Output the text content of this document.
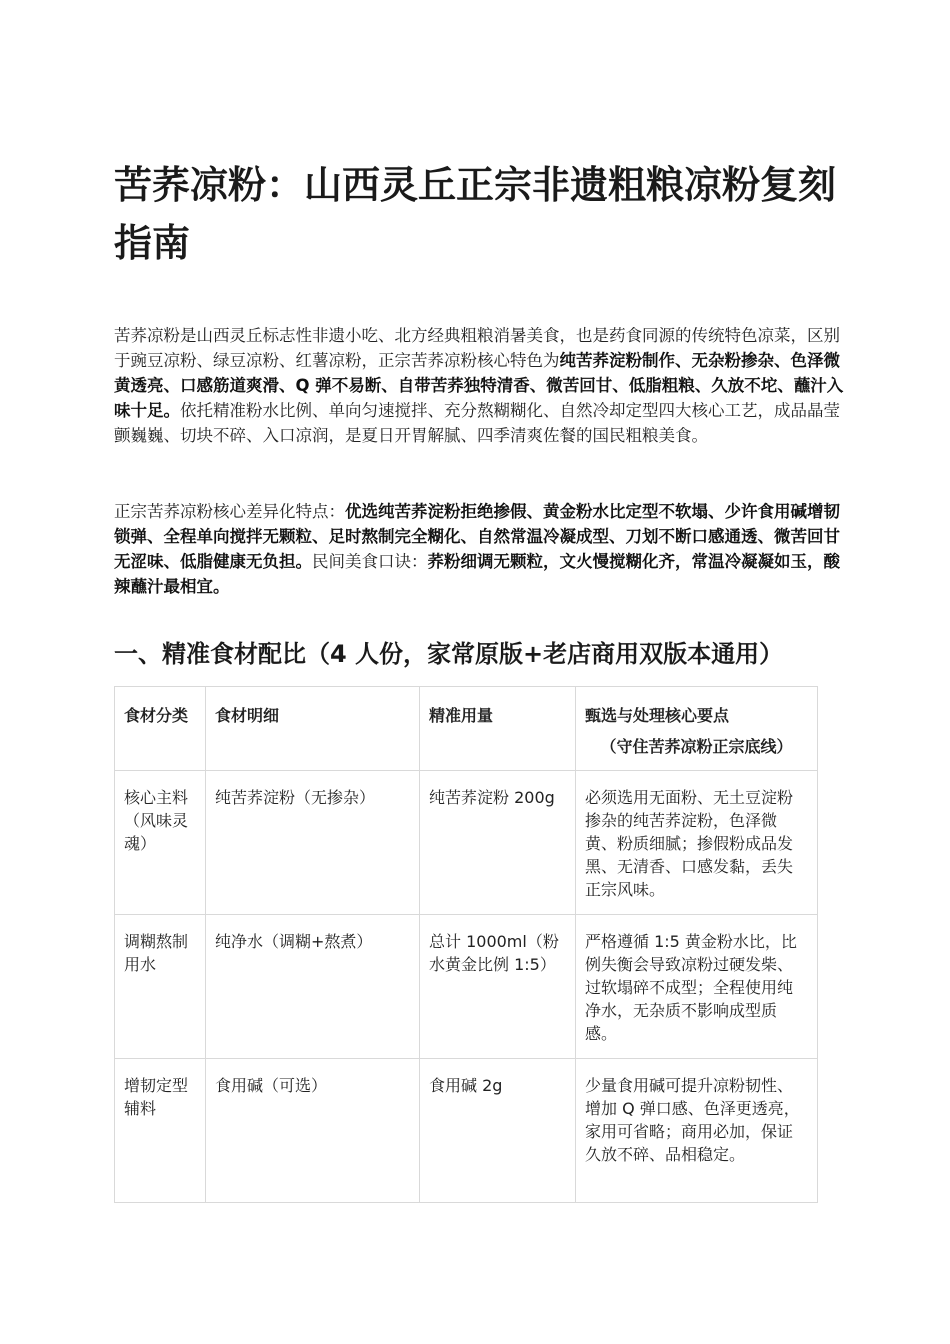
苦荞凉粉：山西灵丘正宗非遗粗粮凉粉复刻指南

苦荞凉粉是山西灵丘标志性非遗小吃、北方经典粗粮消暑美食，也是药食同源的传统特色凉菜，区别于豌豆凉粉、绿豆凉粉、红薯凉粉，正宗苦荞凉粉核心特色为纯苦荞淀粉制作、无杂粉掺杂、色泽微黄透亮、口感筋道爽滑、Q 弹不易断、自带苦荞独特清香、微苦回甘、低脂粗粮、久放不坨、蘸汁入味十足。依托精准粉水比例、单向匀速搅拌、充分熬糊糊化、自然冷却定型四大核心工艺，成品晶莹颤巍巍、切块不碎、入口凉润，是夏日开胃解腻、四季清爽佐餐的国民粗粮美食。

正宗苦荞凉粉核心差异化特点：优选纯苦荞淀粉拒绝掺假、黄金粉水比定型不软塌、少许食用碱增韧锁弹、全程单向搅拌无颗粒、足时熬制完全糊化、自然常温冷凝成型、刀划不断口感通透、微苦回甘无涩味、低脂健康无负担。民间美食口诀：荞粉细调无颗粒，文火慢搅糊化齐，常温冷凝凝如玉，酸辣蘸汁最相宜。

一、精准食材配比（4 人份，家常原版+老店商用双版本通用）
食材分类	食材明细	精准用量	甄选与处理核心要点
（守住苦荞凉粉正宗底线）

核心主料（风味灵魂）	纯苦荞淀粉（无掺杂）	纯苦荞淀粉 200g	必须选用无面粉、无土豆淀粉掺杂的纯苦荞淀粉，色泽微黄、粉质细腻；掺假粉成品发黑、无清香、口感发黏，丢失正宗风味。
调糊熬制用水	纯净水（调糊+熬煮）	总计 1000ml（粉水黄金比例 1:5）	严格遵循 1:5 黄金粉水比，比例失衡会导致凉粉过硬发柴、过软塌碎不成型；全程使用纯净水，无杂质不影响成型质感。
增韧定型辅料	食用碱（可选）	食用碱 2g	少量食用碱可提升凉粉韧性、增加 Q 弹口感、色泽更透亮，家用可省略；商用必加，保证久放不碎、品相稳定。
